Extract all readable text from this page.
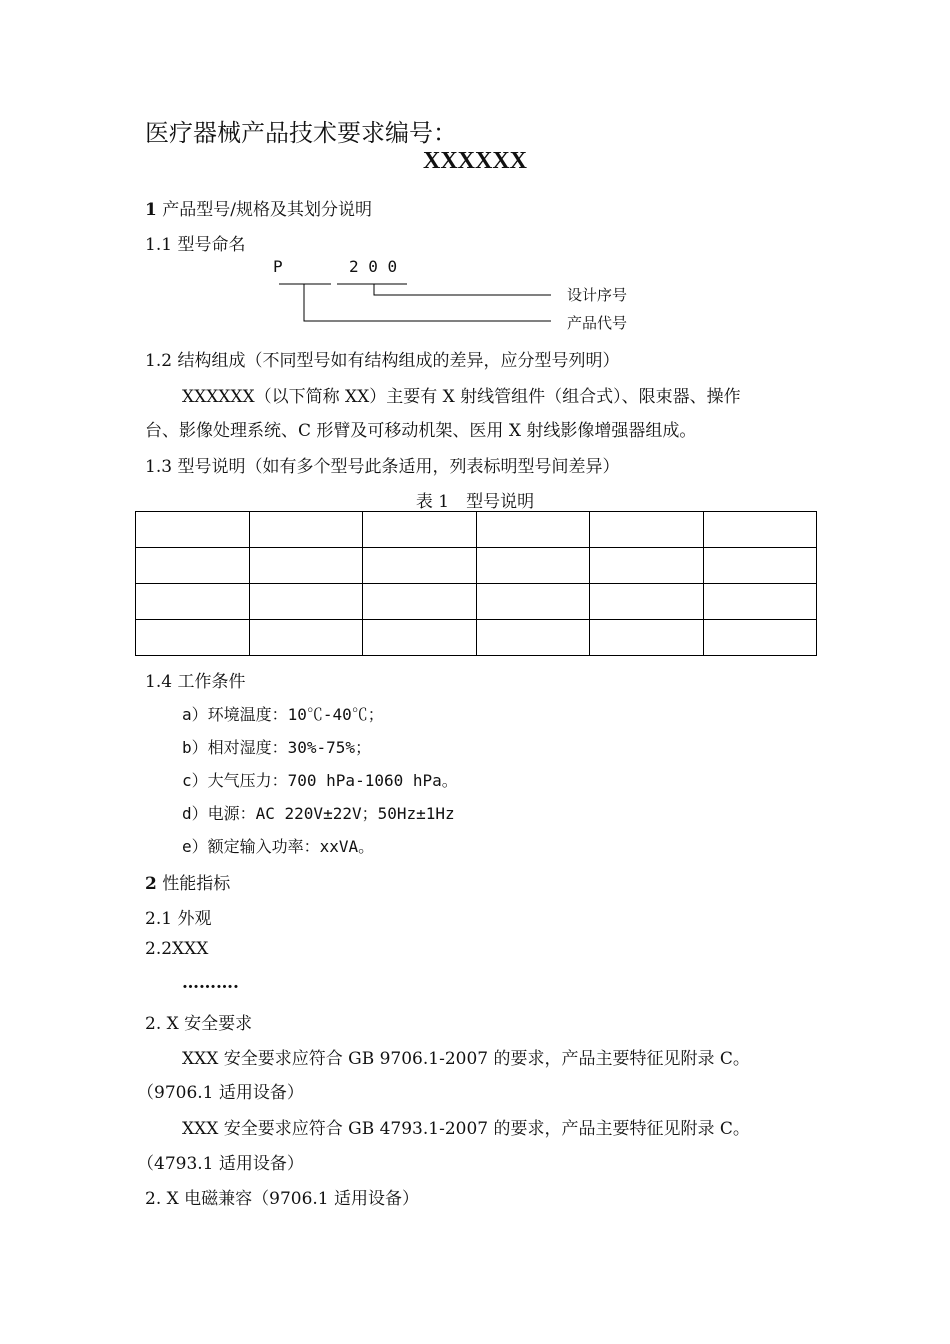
医疗器械产品技术要求编号：
XXXXXX
1 产品型号/规格及其划分说明
1.1 型号命名
P	2 0 0
设计序号
产品代号
1.2 结构组成（不同型号如有结构组成的差异，应分型号列明）
XXXXXX（以下简称 XX）主要有 X 射线管组件（组合式）、限束器、操作
台、影像处理系统、C 形臂及可移动机架、医用 X 射线影像增强器组成。
1.3 型号说明（如有多个型号此条适用，列表标明型号间差异）
表 1　型号说明

1.4 工作条件
a）环境温度：10℃-40℃；
b）相对湿度：30%-75%；
c）大气压力：700 hPa-1060 hPa。
d）电源：AC 220V±22V；50Hz±1Hz
e）额定输入功率：xxVA。
2 性能指标
2.1 外观
2.2XXX
……….
2. X 安全要求
XXX 安全要求应符合 GB 9706.1-2007 的要求，产品主要特征见附录 C。
（9706.1 适用设备）
XXX 安全要求应符合 GB 4793.1-2007 的要求，产品主要特征见附录 C。
（4793.1 适用设备）
2. X 电磁兼容（9706.1 适用设备）
